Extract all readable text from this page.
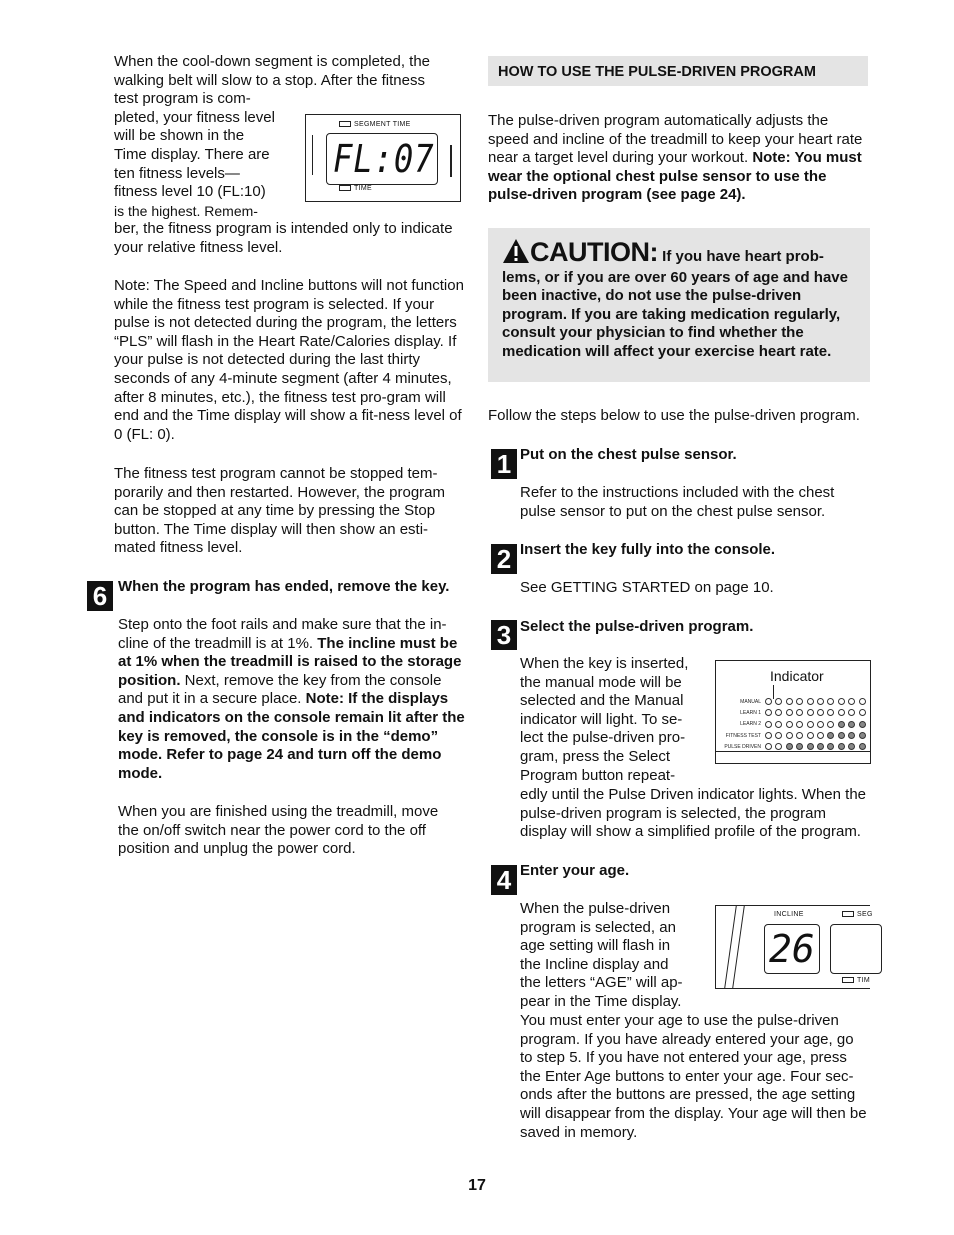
When the cool-down segment is completed, the walking belt will slow to a stop. After the fitness test program is com-

pleted, your fitness level
will be shown in the
Time display. There are
ten fitness levels—
fitness level 10 (FL:10)
is the highest. Remem-

ber, the fitness program is intended only to indicate your relative fitness level.

SEGMENT TIME
FL:07
TIME

Note: The Speed and Incline buttons will not function while the fitness test program is selected. If your pulse is not detected during the program, the letters “PLS” will flash in the Heart Rate/Calories display. If your pulse is not detected during the last thirty seconds of any 4-minute segment (after 4 minutes, after 8 minutes, etc.), the fitness test pro-gram will end and the Time display will show a fit-ness level of 0 (FL: 0).

The fitness test program cannot be stopped tem-porarily and then restarted. However, the program can be stopped at any time by pressing the Stop button. The Time display will then show an esti-mated fitness level.

6 When the program has ended, remove the key.

Step onto the foot rails and make sure that the in-cline of the treadmill is at 1%. The incline must be at 1% when the treadmill is raised to the storage position. Next, remove the key from the console and put it in a secure place. Note: If the displays and indicators on the console remain lit after the key is removed, the console is in the “demo” mode. Refer to page 24 and turn off the demo mode.

When you are finished using the treadmill, move the on/off switch near the power cord to the off position and unplug the power cord.

HOW TO USE THE PULSE-DRIVEN PROGRAM

The pulse-driven program automatically adjusts the speed and incline of the treadmill to keep your heart rate near a target level during your workout. Note: You must wear the optional chest pulse sensor to use the pulse-driven program (see page 24).

CAUTION: If you have heart prob-

lems, or if you are over 60 years of age and have been inactive, do not use the pulse-driven program. If you are taking medication regularly, consult your physician to find whether the medication will affect your exercise heart rate.

Follow the steps below to use the pulse-driven program.

1 Put on the chest pulse sensor.

Refer to the instructions included with the chest pulse sensor to put on the chest pulse sensor.

2 Insert the key fully into the console.

See GETTING STARTED on page 10.

3 Select the pulse-driven program.

When the key is inserted,
the manual mode will be
selected and the Manual
indicator will light. To se-
lect the pulse-driven pro-
gram, press the Select
Program button repeat-

edly until the Pulse Driven indicator lights. When the pulse-driven program is selected, the program display will show a simplified profile of the program.

Indicator
MANUAL
LEARN 1
LEARN 2
FITNESS TEST
PULSE DRIVEN
4 Enter your age.

When the pulse-driven
program is selected, an
age setting will flash in
the Incline display and
the letters “AGE” will ap-
pear in the Time display.

You must enter your age to use the pulse-driven program. If you have already entered your age, go to step 5. If you have not entered your age, press the Enter Age buttons to enter your age. Four sec-onds after the buttons are pressed, the age setting will disappear from the display. Your age will then be saved in memory.

INCLINE
26
SEG
TIM
17
